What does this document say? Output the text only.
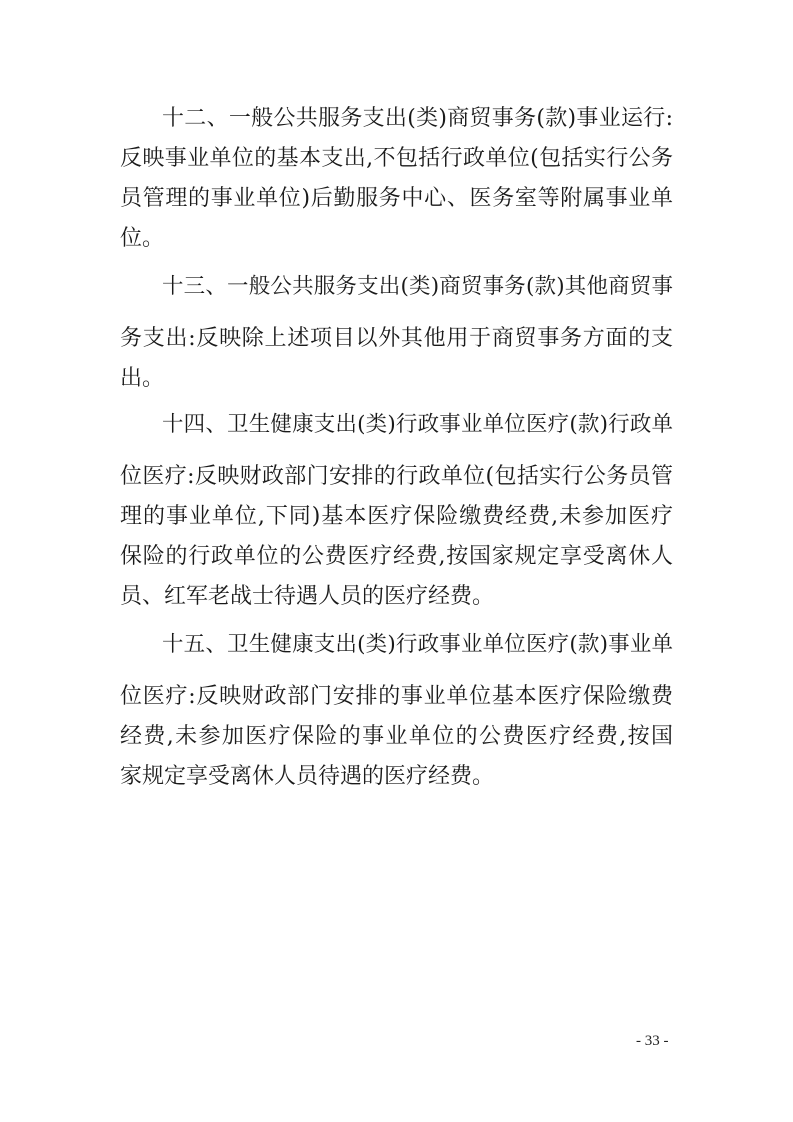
十二、一般公共服务支出(类)商贸事务(款)事业运行:
反映事业单位的基本支出,不包括行政单位(包括实行公务
员管理的事业单位)后勤服务中心、医务室等附属事业单
位。
十三、一般公共服务支出(类)商贸事务(款)其他商贸事
务支出:反映除上述项目以外其他用于商贸事务方面的支
出。
十四、卫生健康支出(类)行政事业单位医疗(款)行政单
位医疗:反映财政部门安排的行政单位(包括实行公务员管
理的事业单位,下同)基本医疗保险缴费经费,未参加医疗
保险的行政单位的公费医疗经费,按国家规定享受离休人
员、红军老战士待遇人员的医疗经费。
十五、卫生健康支出(类)行政事业单位医疗(款)事业单
位医疗:反映财政部门安排的事业单位基本医疗保险缴费
经费,未参加医疗保险的事业单位的公费医疗经费,按国
家规定享受离休人员待遇的医疗经费。
- 33 -
